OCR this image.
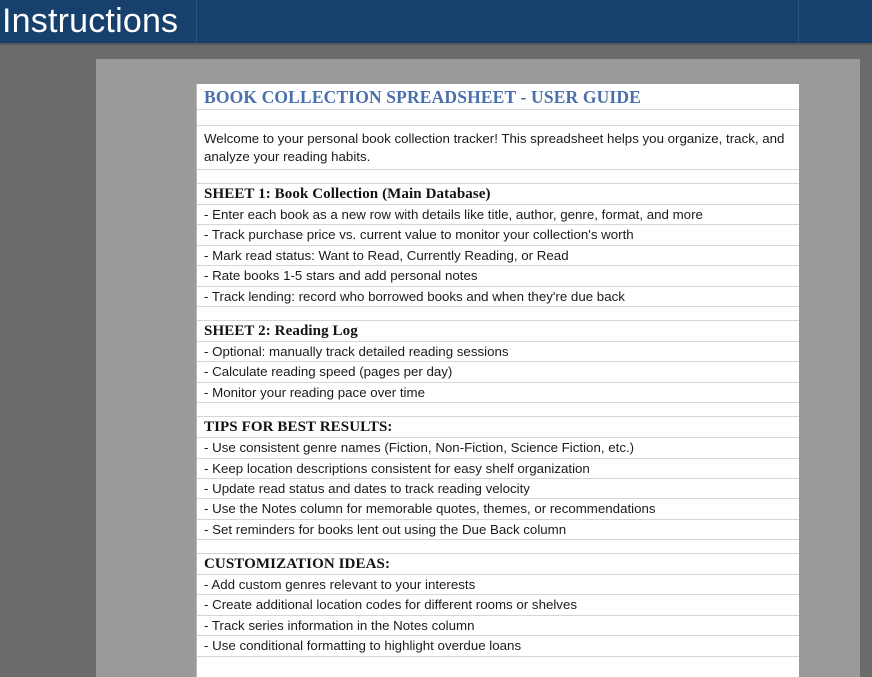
Instructions
BOOK COLLECTION SPREADSHEET - USER GUIDE
Welcome to your personal book collection tracker! This spreadsheet helps you organize, track, and analyze your reading habits.
SHEET 1: Book Collection (Main Database)
- Enter each book as a new row with details like title, author, genre, format, and more
- Track purchase price vs. current value to monitor your collection's worth
- Mark read status: Want to Read, Currently Reading, or Read
- Rate books 1-5 stars and add personal notes
- Track lending: record who borrowed books and when they're due back
SHEET 2: Reading Log
- Optional: manually track detailed reading sessions
- Calculate reading speed (pages per day)
- Monitor your reading pace over time
TIPS FOR BEST RESULTS:
- Use consistent genre names (Fiction, Non-Fiction, Science Fiction, etc.)
- Keep location descriptions consistent for easy shelf organization
- Update read status and dates to track reading velocity
- Use the Notes column for memorable quotes, themes, or recommendations
- Set reminders for books lent out using the Due Back column
CUSTOMIZATION IDEAS:
- Add custom genres relevant to your interests
- Create additional location codes for different rooms or shelves
- Track series information in the Notes column
- Use conditional formatting to highlight overdue loans
